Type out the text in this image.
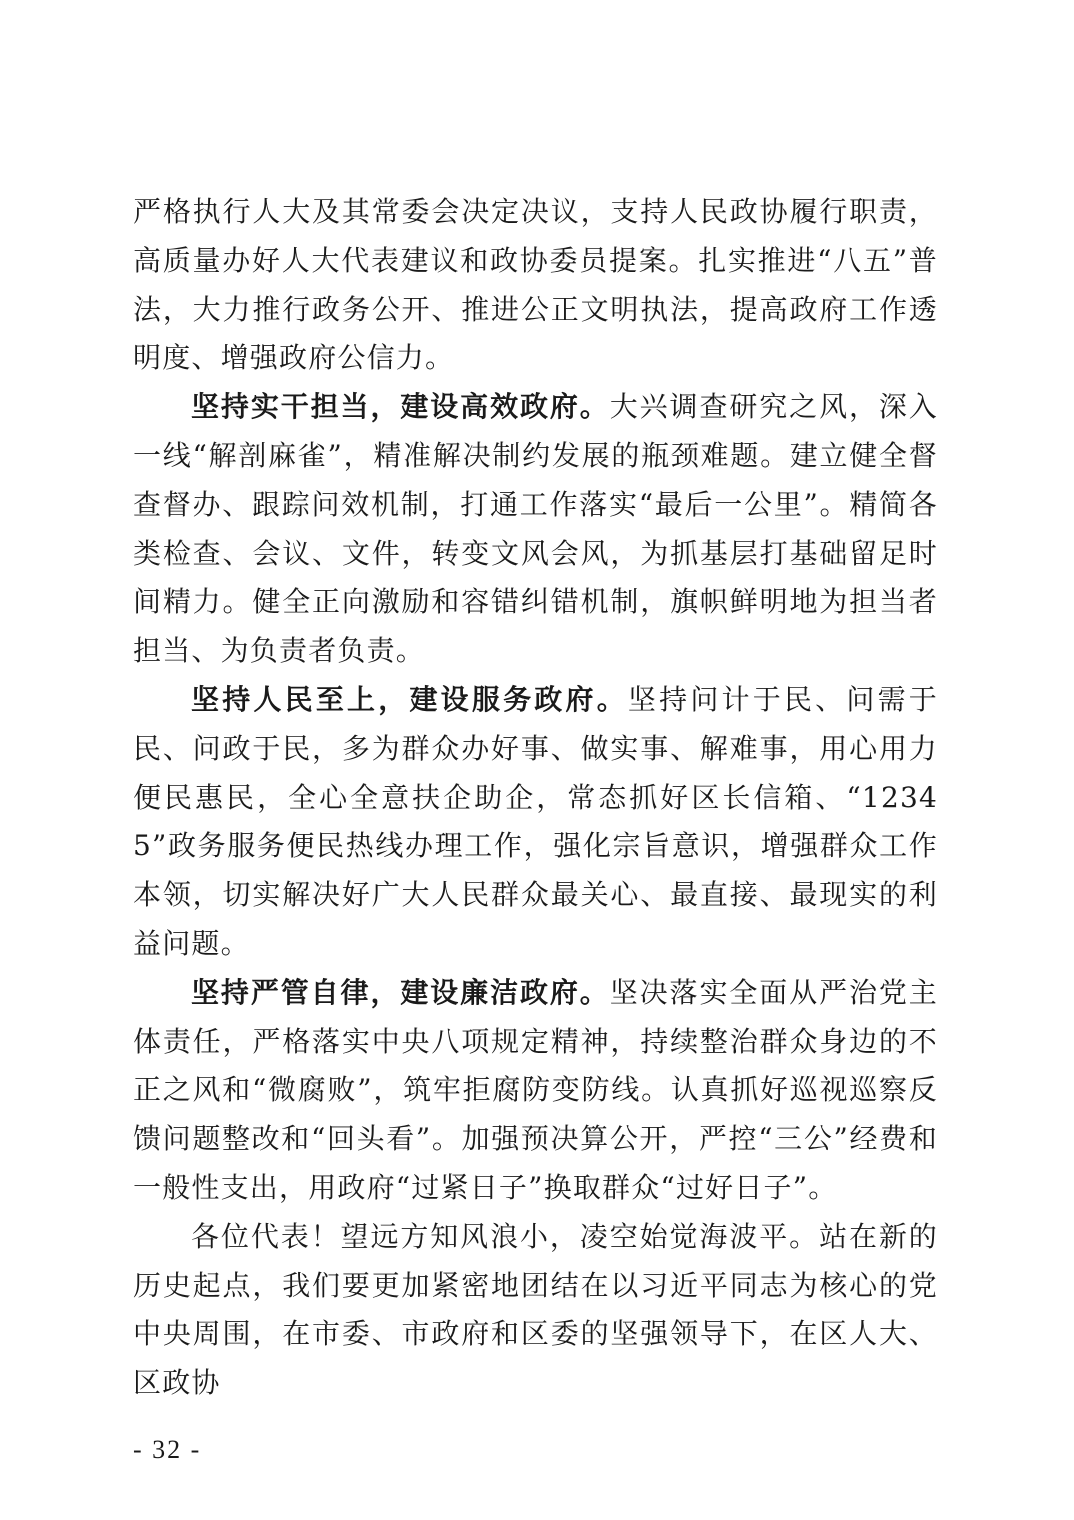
严格执行人大及其常委会决定决议，支持人民政协履行职责，高质量办好人大代表建议和政协委员提案。扎实推进“八五”普法，大力推行政务公开、推进公正文明执法，提高政府工作透明度、增强政府公信力。

坚持实干担当，建设高效政府。大兴调查研究之风，深入一线“解剖麻雀”，精准解决制约发展的瓶颈难题。建立健全督查督办、跟踪问效机制，打通工作落实“最后一公里”。精简各类检查、会议、文件，转变文风会风，为抓基层打基础留足时间精力。健全正向激励和容错纠错机制，旗帜鲜明地为担当者担当、为负责者负责。

坚持人民至上，建设服务政府。坚持问计于民、问需于民、问政于民，多为群众办好事、做实事、解难事，用心用力便民惠民，全心全意扶企助企，常态抓好区长信箱、“12345”政务服务便民热线办理工作，强化宗旨意识，增强群众工作本领，切实解决好广大人民群众最关心、最直接、最现实的利益问题。

坚持严管自律，建设廉洁政府。坚决落实全面从严治党主体责任，严格落实中央八项规定精神，持续整治群众身边的不正之风和“微腐败”，筑牢拒腐防变防线。认真抓好巡视巡察反馈问题整改和“回头看”。加强预决算公开，严控“三公”经费和一般性支出，用政府“过紧日子”换取群众“过好日子”。

各位代表！望远方知风浪小，凌空始觉海波平。站在新的历史起点，我们要更加紧密地团结在以习近平同志为核心的党中央周围，在市委、市政府和区委的坚强领导下，在区人大、区政协

- 32 -
